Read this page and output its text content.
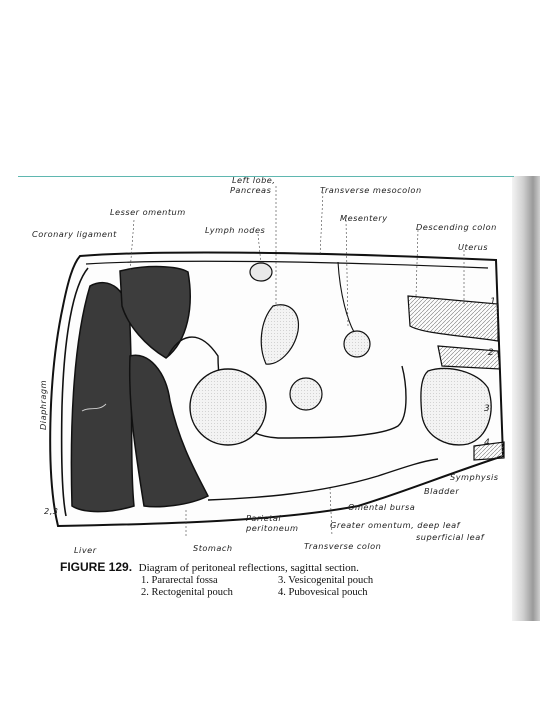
Left lobe,
Pancreas	Transverse mesocolon
Lesser omentum
Mesentery
Descending colon
Coronary ligament	Lymph nodes
Uterus
Diaphragm
Symphysis
Bladder
Omental bursa
Parietal
peritoneum	Greater omentum, deep leaf
superficial leaf
Liver	Stomach	Transverse colon
2,3
1
2
3
4
FIGURE 129. Diagram of peritoneal reflections, sagittal section.
1. Pararectal fossa
2. Rectogenital pouch
3. Vesicogenital pouch
4. Pubovesical pouch
